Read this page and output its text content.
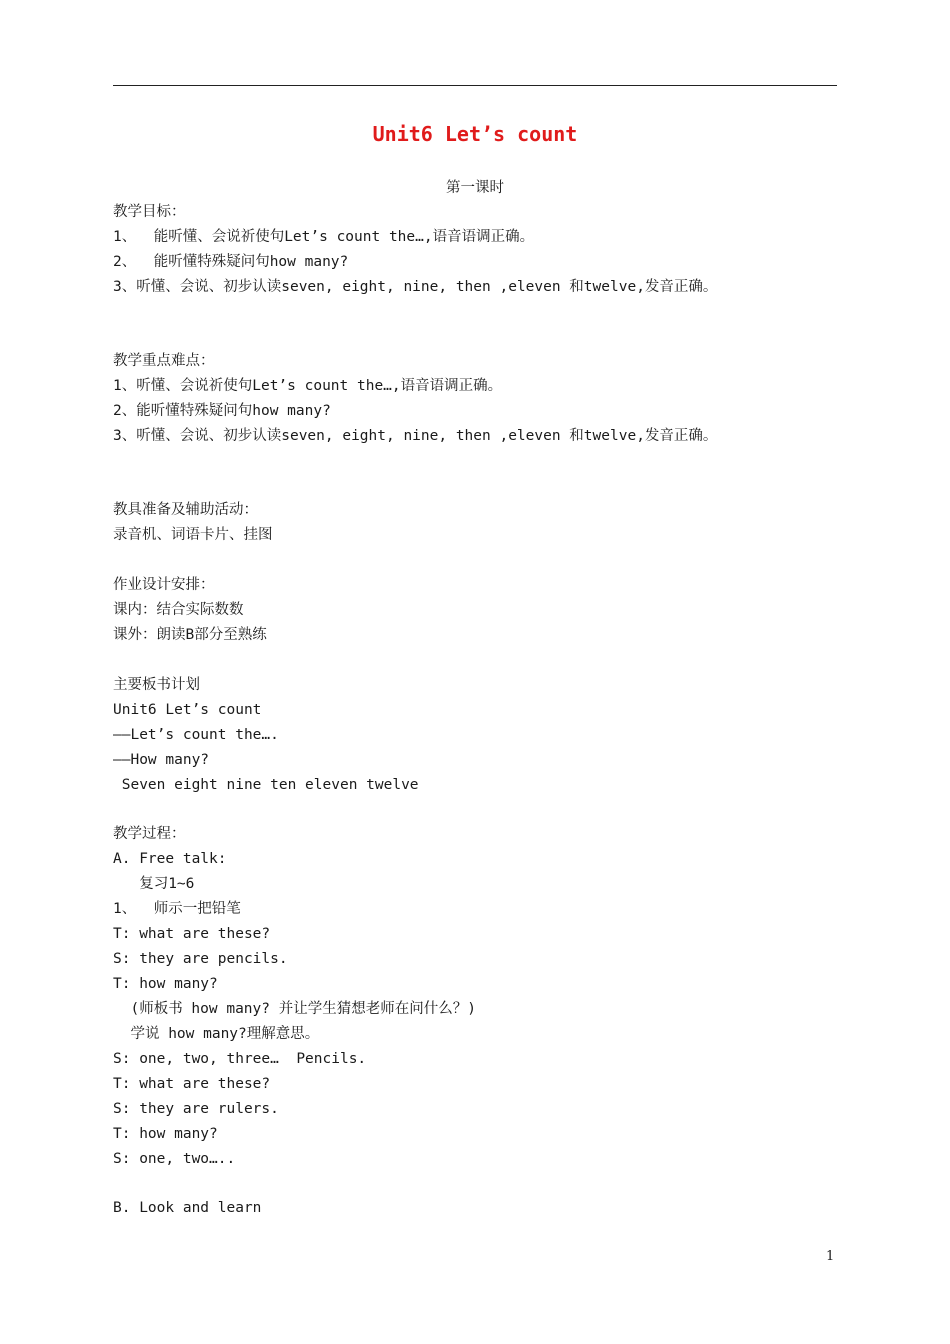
Unit6 Let’s count
第一课时
教学目标：
1、  能听懂、会说祈使句Let’s count the…,语音语调正确。
2、  能听懂特殊疑问句how many?
3、听懂、会说、初步认读seven, eight, nine, then ,eleven 和twelve,发音正确。
教学重点难点：
1、听懂、会说祈使句Let’s count the…,语音语调正确。
2、能听懂特殊疑问句how many?
3、听懂、会说、初步认读seven, eight, nine, then ,eleven 和twelve,发音正确。
教具准备及辅助活动：
录音机、词语卡片、挂图
作业设计安排：
课内：结合实际数数
课外：朗读B部分至熟练
主要板书计划
Unit6 Let’s count
——Let’s count the….
——How many?
Seven eight nine ten eleven twelve
教学过程：
A. Free talk:
复习1~6
1、  师示一把铅笔
T: what are these?
S: they are pencils.
T: how many?
(师板书 how many? 并让学生猜想老师在问什么？)
学说 how many?理解意思。
S: one, two, three…  Pencils.
T: what are these?
S: they are rulers.
T: how many?
S: one, two…..
B. Look and learn
1
